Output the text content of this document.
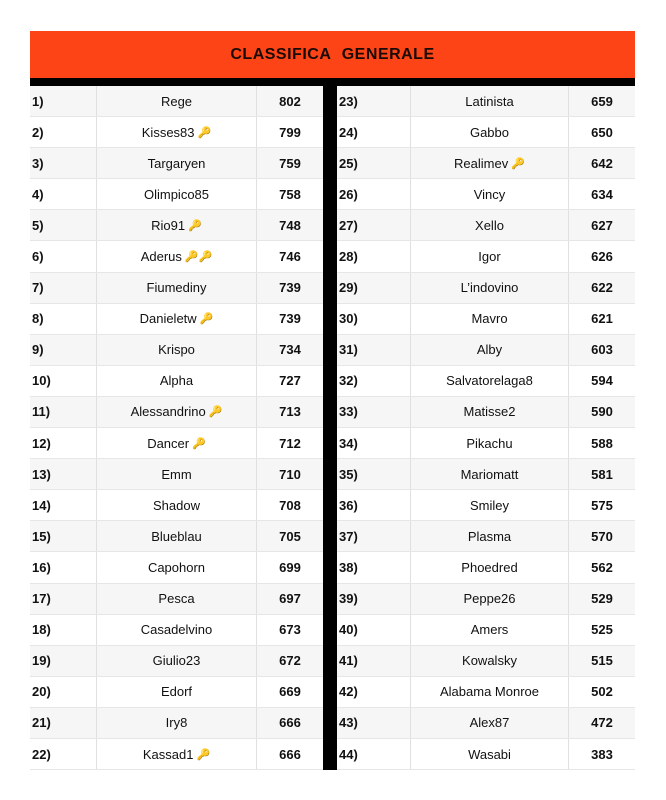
CLASSIFICA GENERALE
1)	Rege	802
2)	Kisses83 🔑	799
3)	Targaryen	759
4)	Olimpico85	758
5)	Rio91 🔑	748
6)	Aderus 🔑 🔑	746
7)	Fiumediny	739
8)	Danieletw 🔑	739
9)	Krispo	734
10)	Alpha	727
11)	Alessandrino 🔑	713
12)	Dancer 🔑	712
13)	Emm	710
14)	Shadow	708
15)	Blueblau	705
16)	Capohorn	699
17)	Pesca	697
18)	Casadelvino	673
19)	Giulio23	672
20)	Edorf	669
21)	Iry8	666
22)	Kassad1 🔑	666
23)	Latinista	659
24)	Gabbo	650
25)	Realimev 🔑	642
26)	Vincy	634
27)	Xello	627
28)	Igor	626
29)	L’indovino	622
30)	Mavro	621
31)	Alby	603
32)	Salvatorelaga8	594
33)	Matisse2	590
34)	Pikachu	588
35)	Mariomatt	581
36)	Smiley	575
37)	Plasma	570
38)	Phoedred	562
39)	Peppe26	529
40)	Amers	525
41)	Kowalsky	515
42)	Alabama Monroe	502
43)	Alex87	472
44)	Wasabi	383
